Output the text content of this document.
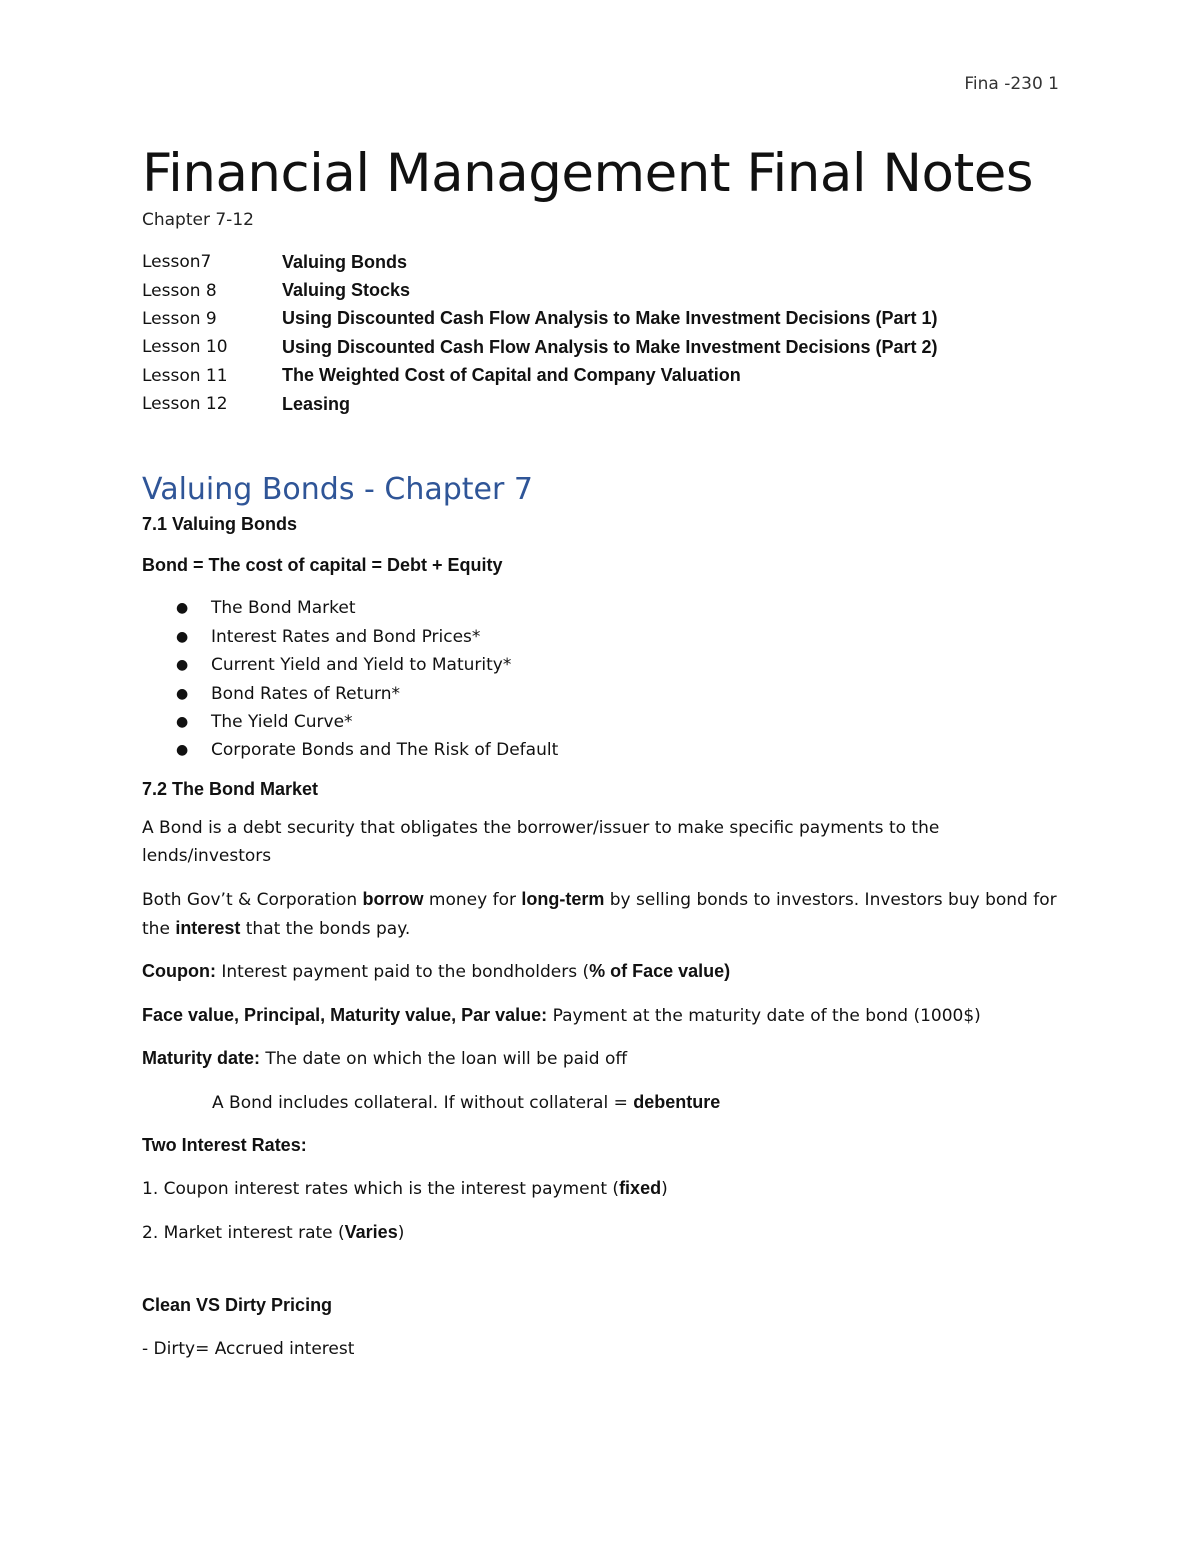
Fina -230 1
Financial Management Final Notes
Chapter 7-12
Lesson7	Valuing Bonds
Lesson 8	Valuing Stocks
Lesson 9	Using Discounted Cash Flow Analysis to Make Investment Decisions (Part 1)
Lesson 10	Using Discounted Cash Flow Analysis to Make Investment Decisions (Part 2)
Lesson 11	The Weighted Cost of Capital and Company Valuation
Lesson 12	Leasing
Valuing Bonds - Chapter 7
7.1 Valuing Bonds
Bond = The cost of capital = Debt + Equity
● The Bond Market
● Interest Rates and Bond Prices*
● Current Yield and Yield to Maturity*
● Bond Rates of Return*
● The Yield Curve*
● Corporate Bonds and The Risk of Default
7.2 The Bond Market

A Bond is a debt security that obligates the borrower/issuer to make specific payments to the lends/investors

Both Gov’t & Corporation borrow money for long-term by selling bonds to investors. Investors buy bond for the interest that the bonds pay.

Coupon: Interest payment paid to the bondholders (% of Face value)

Face value, Principal, Maturity value, Par value: Payment at the maturity date of the bond (1000$)

Maturity date: The date on which the loan will be paid off

A Bond includes collateral. If without collateral = debenture

Two Interest Rates:

1. Coupon interest rates which is the interest payment (fixed)

2. Market interest rate (Varies)

Clean VS Dirty Pricing

- Dirty= Accrued interest
